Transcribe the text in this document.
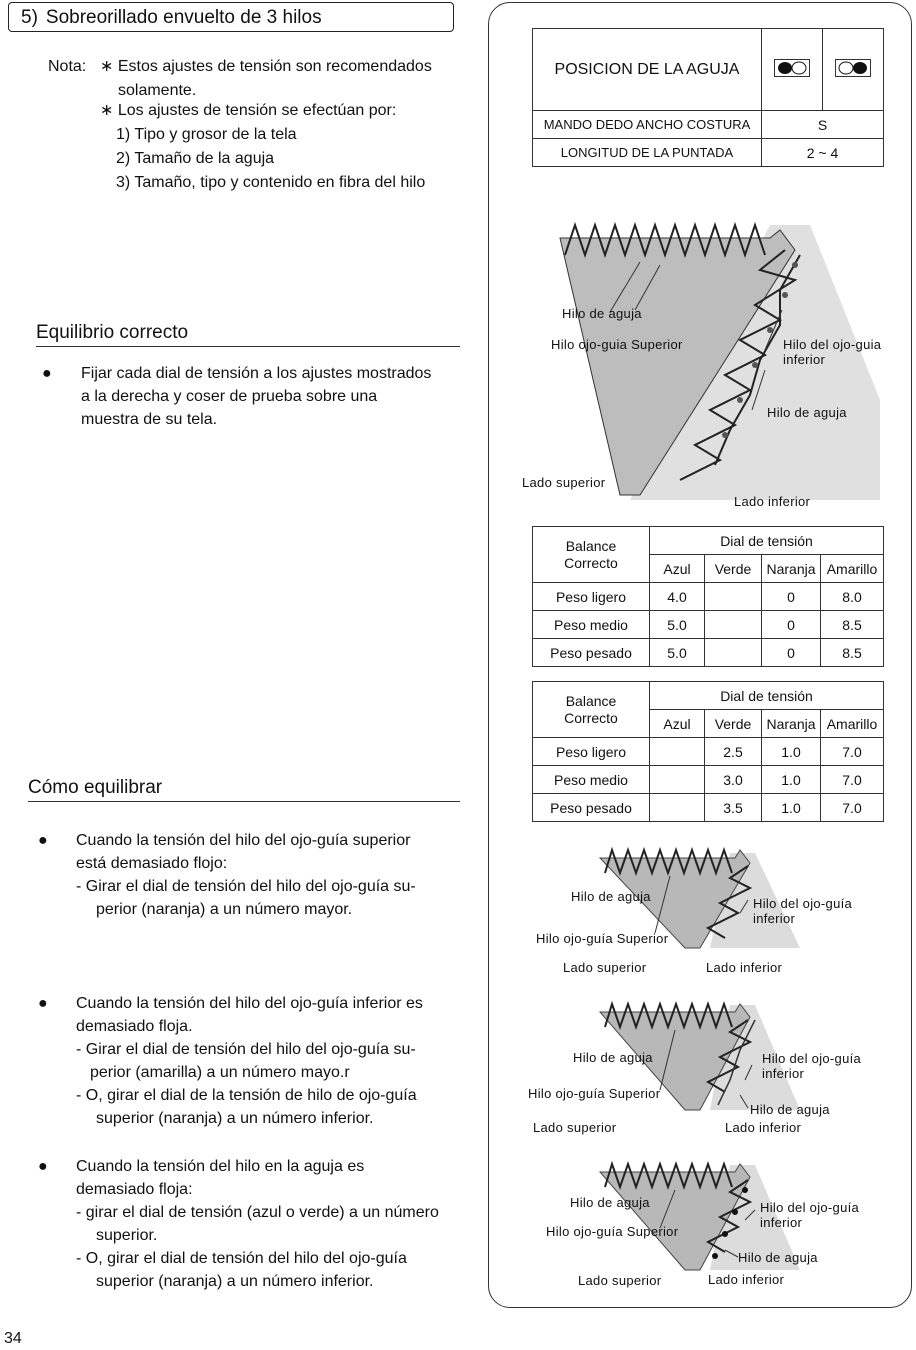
5) Sobreorillado envuelto de 3 hilos
Nota: ∗ Estos ajustes de tensión son recomendados
solamente.
∗ Los ajustes de tensión se efectúan por:
1) Tipo y grosor de la tela
2) Tamaño de la aguja
3) Tamaño, tipo y contenido en fibra del hilo
Equilibrio correcto
● Fijar cada dial de tensión a los ajustes mostrados
a la derecha y coser de prueba sobre una
muestra de su tela.
Cómo equilibrar
● Cuando la tensión del hilo del ojo-guía superior
está demasiado flojo:
- Girar el dial de tensión del hilo del ojo-guía su-
perior (naranja) a un número mayor.
● Cuando la tensión del hilo del ojo-guía inferior es
demasiado floja.
- Girar el dial de tensión del hilo del ojo-guía su-
perior (amarilla) a un número mayo.r
- O, girar el dial de la tensión de hilo de ojo-guía
superior (naranja) a un número inferior.
● Cuando la tensión del hilo en la aguja es
demasiado floja:
- girar el dial de tensión (azul o verde) a un número
superior.
- O, girar el dial de tensión del hilo del ojo-guía
superior (naranja) a un número inferior.
POSICION DE LA AGUJA		
MANDO DEDO ANCHO COSTURA	S	
LONGITUD DE LA PUNTADA	2 ~ 4	
Hilo de aguja
Hilo ojo-guia Superior	Hilo del ojo-guia
inferior
Hilo de aguja
Lado superior
Lado inferior
Balance
Correcto	Dial de tensión			
	Azul	Verde	Naranja	Amarillo
Peso ligero	4.0		0	8.0
Peso medio	5.0		0	8.5
Peso pesado	5.0		0	8.5
Balance
Correcto	Dial de tensión			
	Azul	Verde	Naranja	Amarillo
Peso ligero		2.5	1.0	7.0
Peso medio		3.0	1.0	7.0
Peso pesado		3.5	1.0	7.0
Hilo de aguja
Hilo ojo-guía Superior
Hilo del ojo-guía
inferior
Lado superior	Lado inferior
Hilo de aguja
Hilo ojo-guía Superior
Hilo del ojo-guía
inferior
Hilo de aguja
Lado superior	Lado inferior
Hilo de aguja
Hilo ojo-guía Superior
Hilo del ojo-guía
inferior
Hilo de aguja
Lado superior	Lado inferior
34
